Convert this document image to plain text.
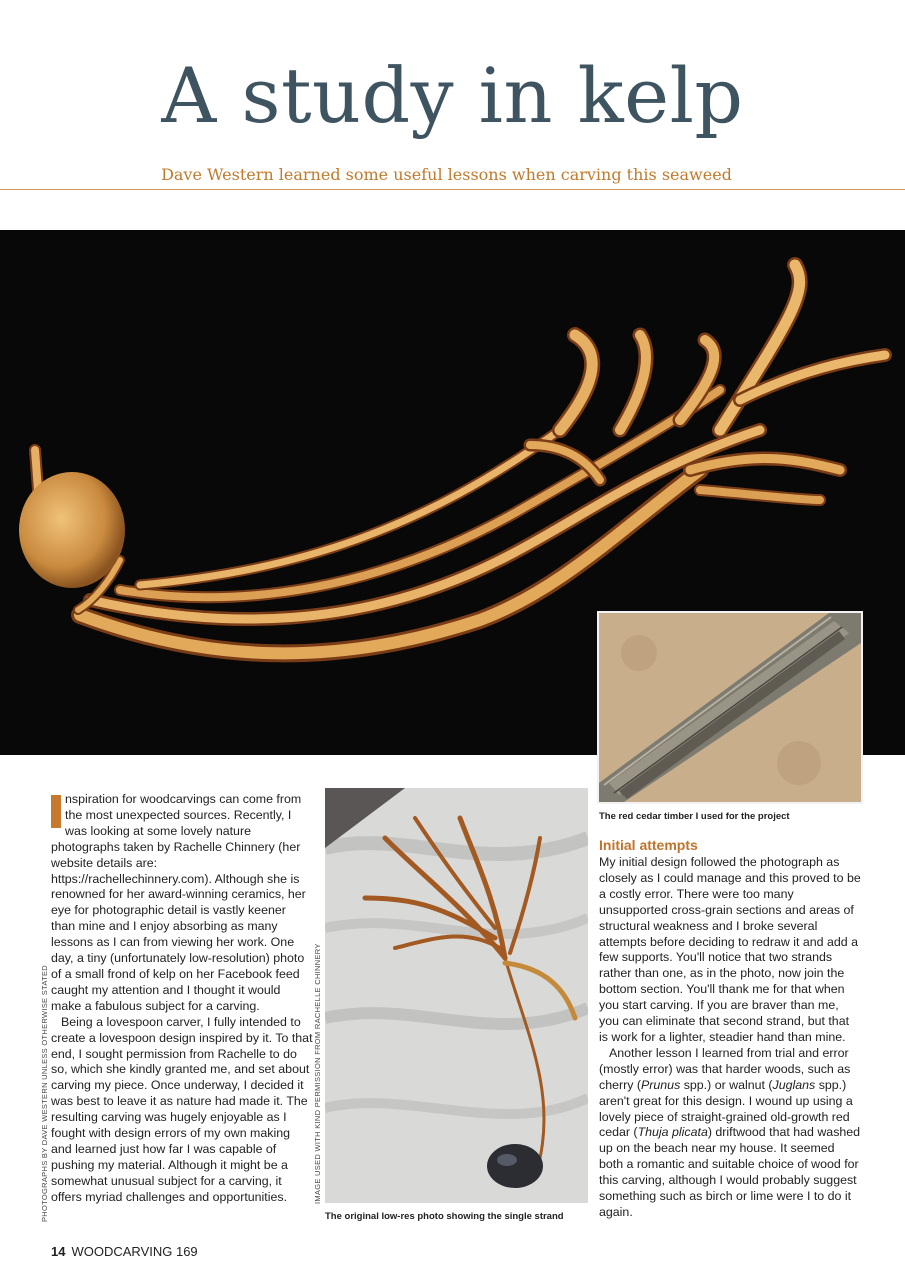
A study in kelp
Dave Western learned some useful lessons when carving this seaweed
The red cedar timber I used for the project

nspiration for woodcarvings can come from the most unexpected sources. Recently, I was looking at some lovely nature photographs taken by Rachelle Chinnery (her website details are: https://rachellechinnery.com). Although she is renowned for her award-winning ceramics, her eye for photographic detail is vastly keener than mine and I enjoy absorbing as many lessons as I can from viewing her work. One day, a tiny (unfortunately low-resolution) photo of a small frond of kelp on her Facebook feed caught my attention and I thought it would make a fabulous subject for a carving.

Being a lovespoon carver, I fully intended to create a lovespoon design inspired by it. To that end, I sought permission from Rachelle to do so, which she kindly granted me, and set about carving my piece. Once underway, I decided it was best to leave it as nature had made it. The resulting carving was hugely enjoyable as I fought with design errors of my own making and learned just how far I was capable of pushing my material. Although it might be a somewhat unusual subject for a carving, it offers myriad challenges and opportunities.

PHOTOGRAPHS BY DAVE WESTERN UNLESS OTHERWISE STATED	The original low-res photo showing the single strand
IMAGE USED WITH KIND PERMISSION FROM RACHELLE CHINNERY
Initial attempts

My initial design followed the photograph as closely as I could manage and this proved to be a costly error. There were too many unsupported cross-grain sections and areas of structural weakness and I broke several attempts before deciding to redraw it and add a few supports. You'll notice that two strands rather than one, as in the photo, now join the bottom section. You'll thank me for that when you start carving. If you are braver than me, you can eliminate that second strand, but that is work for a lighter, steadier hand than mine.

Another lesson I learned from trial and error (mostly error) was that harder woods, such as cherry (Prunus spp.) or walnut (Juglans spp.) aren't great for this design. I wound up using a lovely piece of straight-grained old-growth red cedar (Thuja plicata) driftwood that had washed up on the beach near my house. It seemed both a romantic and suitable choice of wood for this carving, although I would probably suggest something such as birch or lime were I to do it again.

14 WOODCARVING 169
